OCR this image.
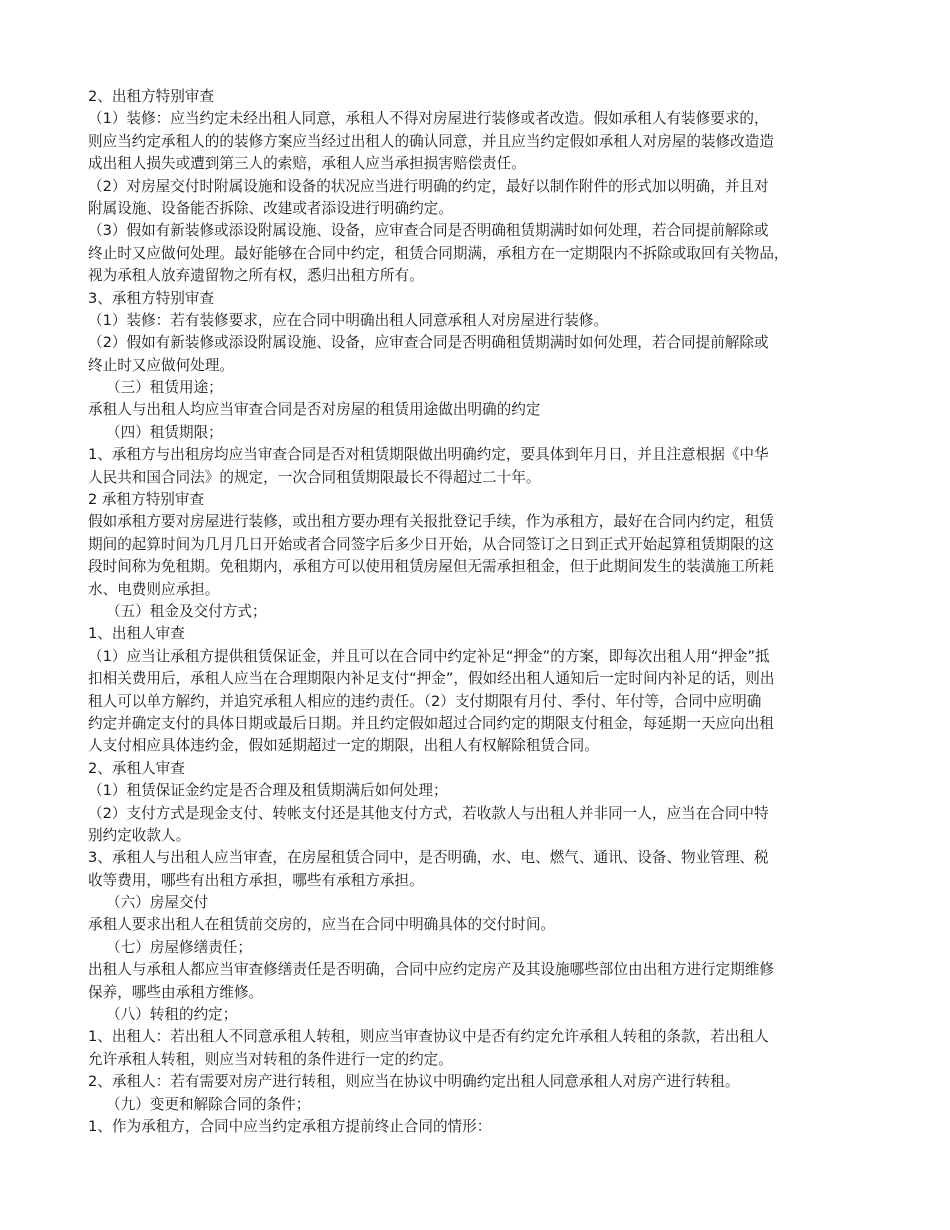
2、出租方特别审查
（1）装修：应当约定未经出租人同意，承租人不得对房屋进行装修或者改造。假如承租人有装修要求的，
则应当约定承租人的的装修方案应当经过出租人的确认同意，并且应当约定假如承租人对房屋的装修改造造
成出租人损失或遭到第三人的索赔，承租人应当承担损害赔偿责任。
（2）对房屋交付时附属设施和设备的状况应当进行明确的约定，最好以制作附件的形式加以明确，并且对
附属设施、设备能否拆除、改建或者添设进行明确约定。
（3）假如有新装修或添设附属设施、设备，应审查合同是否明确租赁期满时如何处理，若合同提前解除或
终止时又应做何处理。最好能够在合同中约定，租赁合同期满，承租方在一定期限内不拆除或取回有关物品，
视为承租人放弃遗留物之所有权，悉归出租方所有。
3、承租方特别审查
（1）装修：若有装修要求，应在合同中明确出租人同意承租人对房屋进行装修。
（2）假如有新装修或添设附属设施、设备，应审查合同是否明确租赁期满时如何处理，若合同提前解除或
终止时又应做何处理。
（三）租赁用途；
承租人与出租人均应当审查合同是否对房屋的租赁用途做出明确的约定
（四）租赁期限；
1、承租方与出租房均应当审查合同是否对租赁期限做出明确约定，要具体到年月日，并且注意根据《中华
人民共和国合同法》的规定，一次合同租赁期限最长不得超过二十年。
2 承租方特别审查
假如承租方要对房屋进行装修，或出租方要办理有关报批登记手续，作为承租方，最好在合同内约定，租赁
期间的起算时间为几月几日开始或者合同签字后多少日开始，从合同签订之日到正式开始起算租赁期限的这
段时间称为免租期。免租期内，承租方可以使用租赁房屋但无需承担租金，但于此期间发生的装潢施工所耗
水、电费则应承担。
（五）租金及交付方式；
1、出租人审查
（1）应当让承租方提供租赁保证金，并且可以在合同中约定补足“押金”的方案，即每次出租人用“押金”抵
扣相关费用后，承租人应当在合理期限内补足支付“押金”，假如经出租人通知后一定时间内补足的话，则出
租人可以单方解约，并追究承租人相应的违约责任。（2）支付期限有月付、季付、年付等，合同中应明确
约定并确定支付的具体日期或最后日期。并且约定假如超过合同约定的期限支付租金，每延期一天应向出租
人支付相应具体违约金，假如延期超过一定的期限，出租人有权解除租赁合同。
2、承租人审查
（1）租赁保证金约定是否合理及租赁期满后如何处理；
（2）支付方式是现金支付、转帐支付还是其他支付方式，若收款人与出租人并非同一人，应当在合同中特
别约定收款人。
3、承租人与出租人应当审查，在房屋租赁合同中，是否明确，水、电、燃气、通讯、设备、物业管理、税
收等费用，哪些有出租方承担，哪些有承租方承担。
（六）房屋交付
承租人要求出租人在租赁前交房的，应当在合同中明确具体的交付时间。
（七）房屋修缮责任；
出租人与承租人都应当审查修缮责任是否明确，合同中应约定房产及其设施哪些部位由出租方进行定期维修
保养，哪些由承租方维修。
（八）转租的约定；
1、出租人：若出租人不同意承租人转租，则应当审查协议中是否有约定允许承租人转租的条款，若出租人
允许承租人转租，则应当对转租的条件进行一定的约定。
2、承租人：若有需要对房产进行转租，则应当在协议中明确约定出租人同意承租人对房产进行转租。
（九）变更和解除合同的条件；
1、作为承租方，合同中应当约定承租方提前终止合同的情形：
